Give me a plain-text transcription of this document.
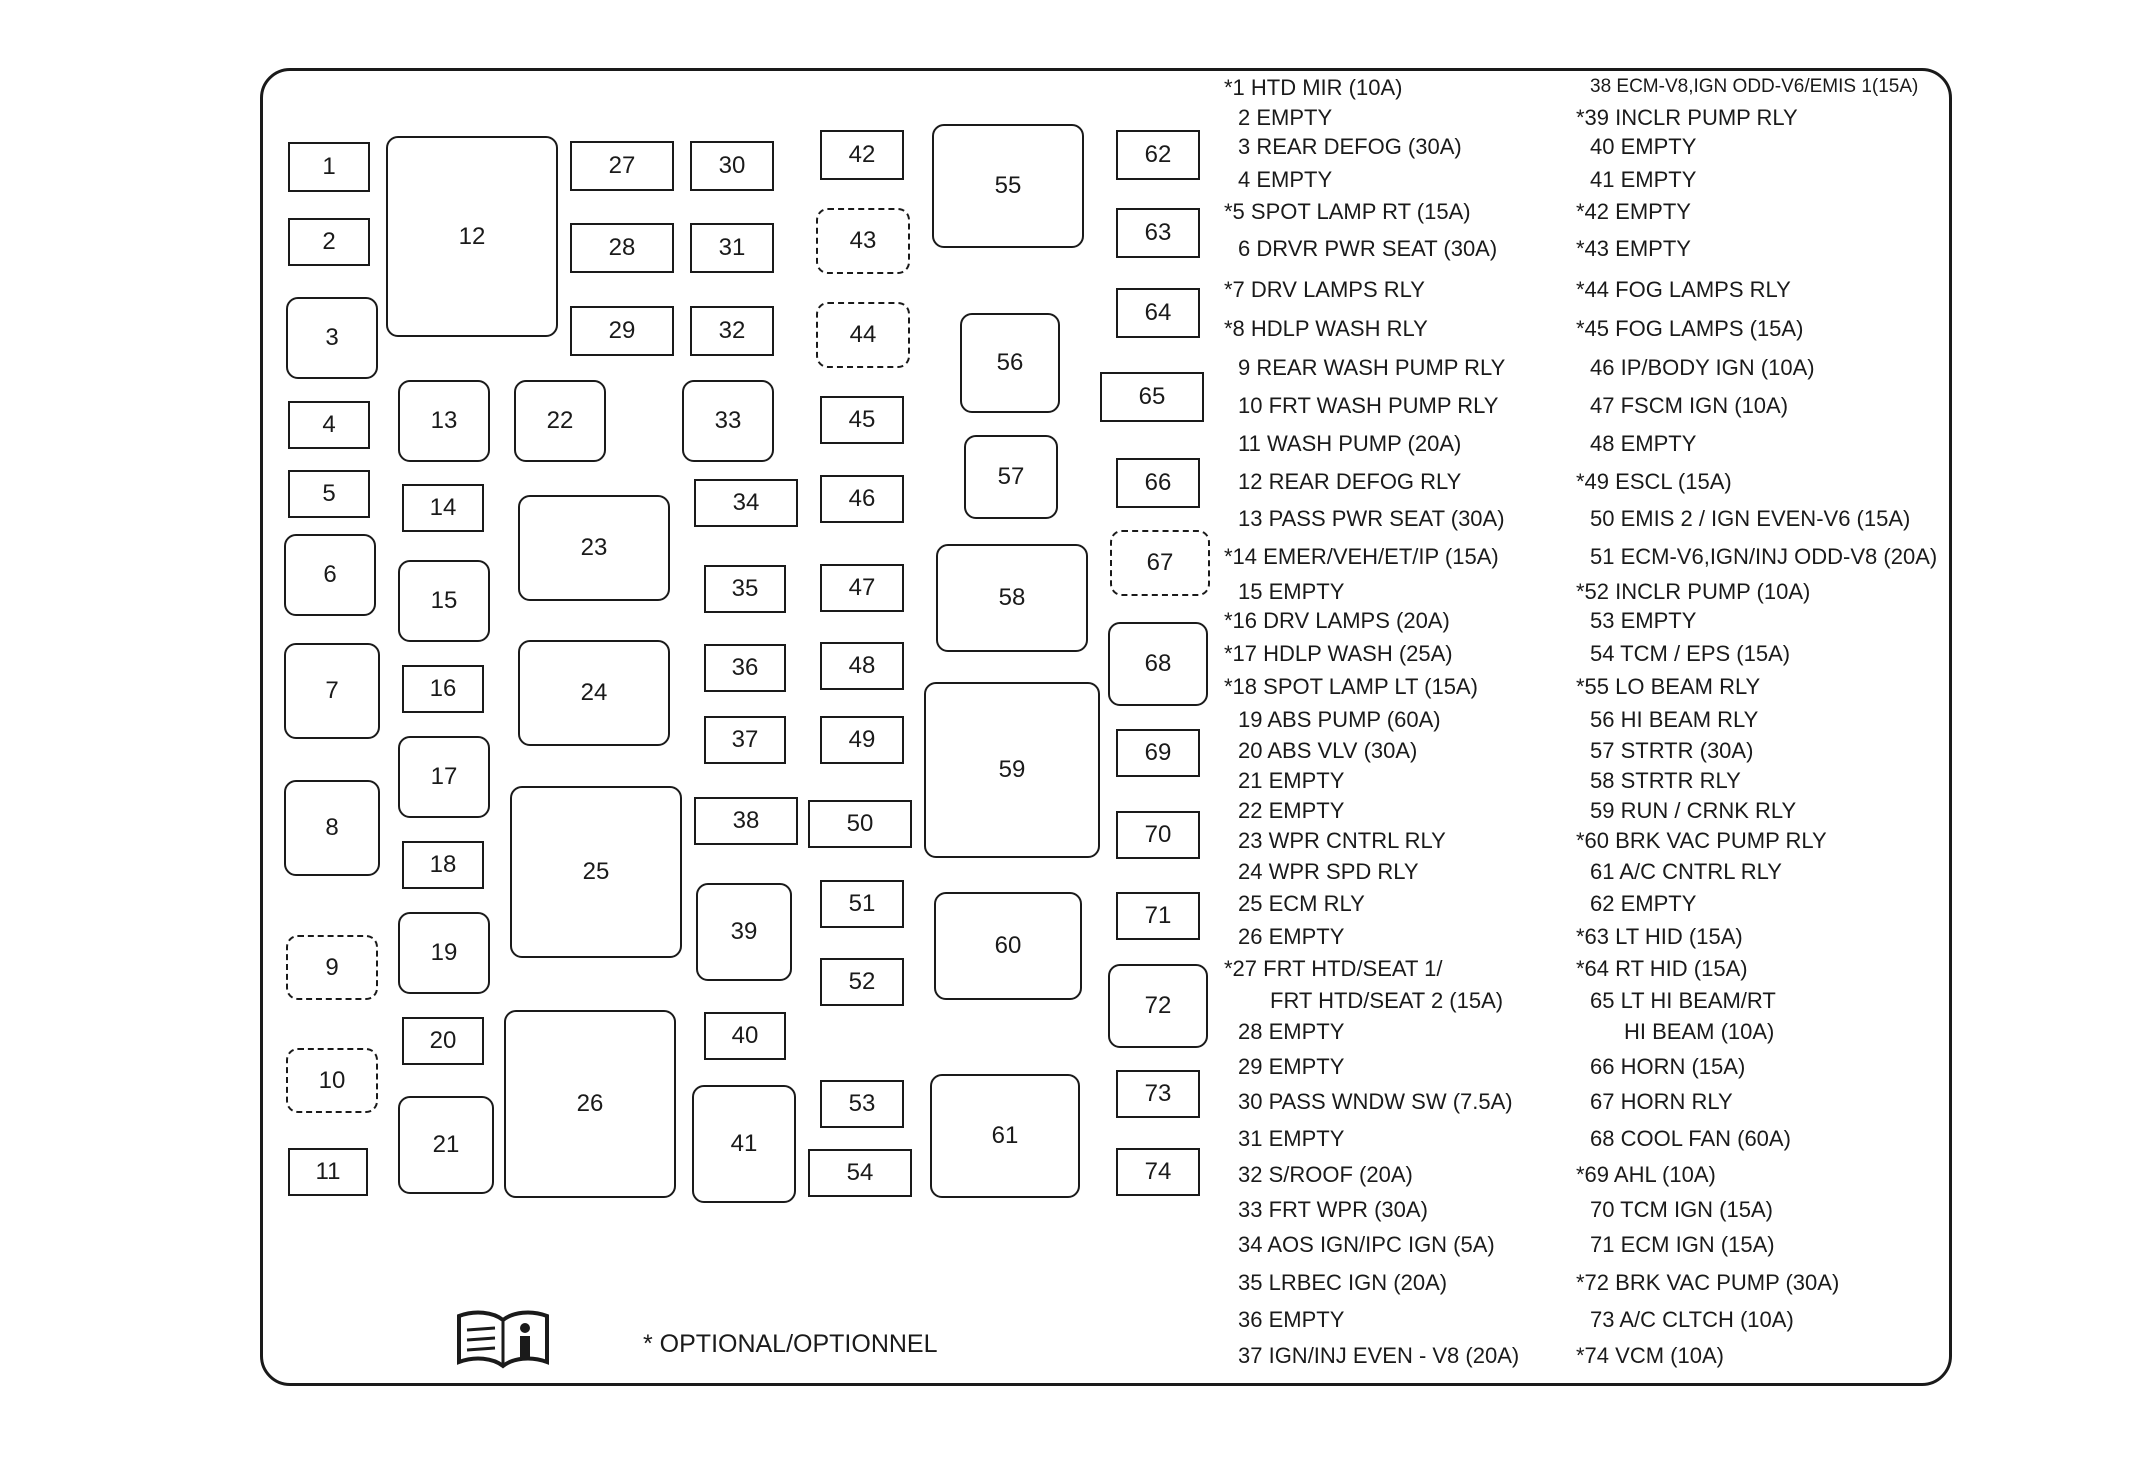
1
2
3
4
5
6
7
8
9
10
11
12
13
14
15
16
17
18
19
20
21
22
23
24
25
26
27
28
29
30
31
32
33
34
35
36
37
38
39
40
41
42
43
44
45
46
47
48
49
50
51
52
53
54
55
56
57
58
59
60
61
62
63
64
65
66
67
68
69
70
71
72
73
74
*1 HTD MIR (10A)
2 EMPTY
3 REAR DEFOG (30A)
4 EMPTY
*5 SPOT LAMP RT (15A)
6 DRVR PWR SEAT (30A)
*7 DRV LAMPS RLY
*8 HDLP WASH RLY
9 REAR WASH PUMP RLY
10 FRT WASH PUMP RLY
11 WASH PUMP (20A)
12 REAR DEFOG RLY
13 PASS PWR SEAT (30A)
*14 EMER/VEH/ET/IP (15A)
15 EMPTY
*16 DRV LAMPS (20A)
*17 HDLP WASH (25A)
*18 SPOT LAMP LT (15A)
19 ABS PUMP (60A)
20 ABS VLV (30A)
21 EMPTY
22 EMPTY
23 WPR CNTRL RLY
24 WPR SPD RLY
25 ECM RLY
26 EMPTY
*27 FRT HTD/SEAT 1/
FRT HTD/SEAT 2 (15A)
28 EMPTY
29 EMPTY
30 PASS WNDW SW (7.5A)
31 EMPTY
32 S/ROOF (20A)
33 FRT WPR (30A)
34 AOS IGN/IPC IGN (5A)
35 LRBEC IGN (20A)
36 EMPTY
37 IGN/INJ EVEN - V8 (20A)
38 ECM-V8,IGN ODD-V6/EMIS 1(15A)
*39 INCLR PUMP RLY
40 EMPTY
41 EMPTY
*42 EMPTY
*43 EMPTY
*44 FOG LAMPS RLY
*45 FOG LAMPS (15A)
46 IP/BODY IGN (10A)
47 FSCM IGN (10A)
48 EMPTY
*49 ESCL (15A)
50 EMIS 2 / IGN EVEN-V6 (15A)
51 ECM-V6,IGN/INJ ODD-V8 (20A)
*52 INCLR PUMP (10A)
53 EMPTY
54 TCM / EPS (15A)
*55 LO BEAM RLY
56 HI BEAM RLY
57 STRTR (30A)
58 STRTR RLY
59 RUN / CRNK RLY
*60 BRK VAC PUMP RLY
61 A/C CNTRL RLY
62 EMPTY
*63 LT HID (15A)
*64 RT HID (15A)
65 LT HI BEAM/RT
HI BEAM (10A)
66 HORN (15A)
67 HORN RLY
68 COOL FAN (60A)
*69 AHL (10A)
70 TCM IGN (15A)
71 ECM IGN (15A)
*72 BRK VAC PUMP (30A)
73 A/C CLTCH (10A)
*74 VCM (10A)
* OPTIONAL/OPTIONNEL
